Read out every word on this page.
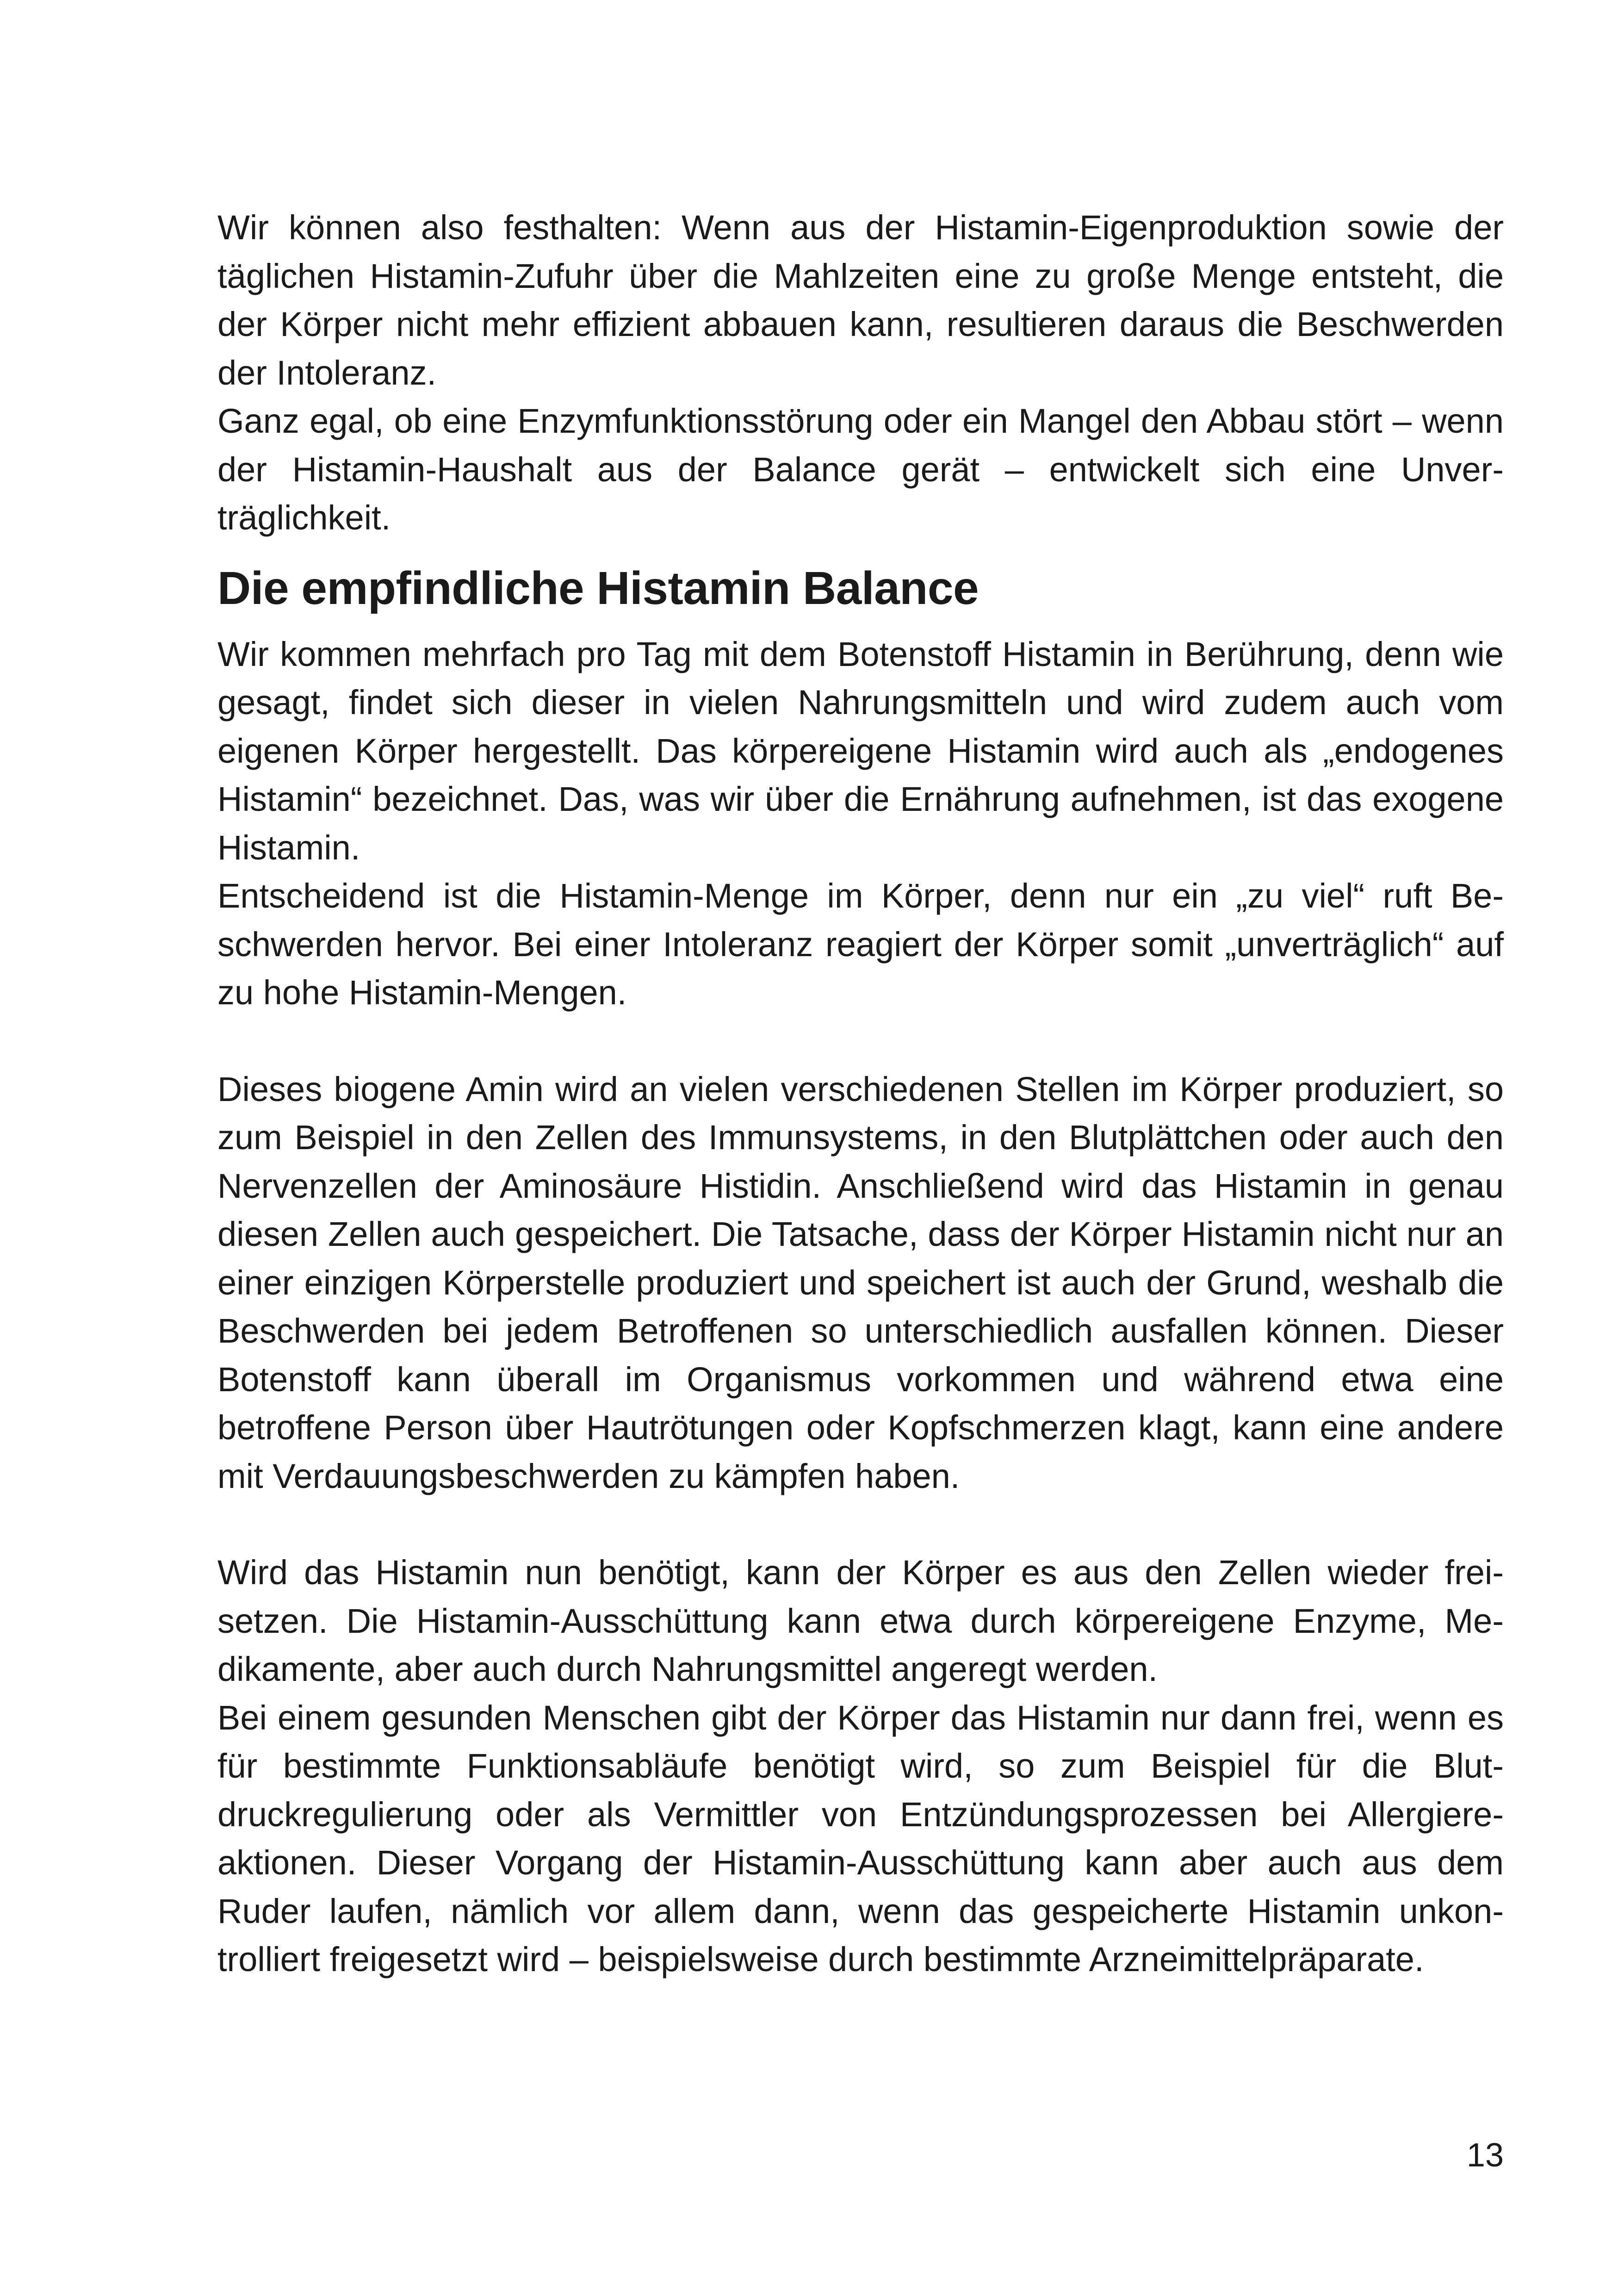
Wir können also festhalten: Wenn aus der Histamin-Eigenproduktion sowie der täglichen Histamin-Zufuhr über die Mahlzeiten eine zu große Menge entsteht, die der Körper nicht mehr effizient abbauen kann, resultieren daraus die Beschwerden der Intoleranz.

Ganz egal, ob eine Enzymfunktionsstörung oder ein Mangel den Abbau stört – wenn der Histamin-Haushalt aus der Balance gerät – entwickelt sich eine Unverträglichkeit.

Die empfindliche Histamin Balance

Wir kommen mehrfach pro Tag mit dem Botenstoff Histamin in Berührung, denn wie gesagt, findet sich dieser in vielen Nahrungsmitteln und wird zudem auch vom eigenen Körper hergestellt. Das körpereigene Histamin wird auch als „endogenes Histamin“ bezeichnet. Das, was wir über die Ernährung aufnehmen, ist das exogene Histamin.

Entscheidend ist die Histamin-Menge im Körper, denn nur ein „zu viel“ ruft Beschwerden hervor. Bei einer Intoleranz reagiert der Körper somit „unverträglich“ auf zu hohe Histamin-Mengen.

Dieses biogene Amin wird an vielen verschiedenen Stellen im Körper produziert, so zum Beispiel in den Zellen des Immunsystems, in den Blutplättchen oder auch den Nervenzellen der Aminosäure Histidin. Anschließend wird das Histamin in genau diesen Zellen auch gespeichert. Die Tatsache, dass der Körper Histamin nicht nur an einer einzigen Körperstelle produziert und speichert ist auch der Grund, weshalb die Beschwerden bei jedem Betroffenen so unterschiedlich ausfallen können. Dieser Botenstoff kann überall im Organismus vorkommen und während etwa eine betroffene Person über Hautrötungen oder Kopfschmerzen klagt, kann eine andere mit Verdauungsbeschwerden zu kämpfen haben.

Wird das Histamin nun benötigt, kann der Körper es aus den Zellen wieder freisetzen. Die Histamin-Ausschüttung kann etwa durch körpereigene Enzyme, Medikamente, aber auch durch Nahrungsmittel angeregt werden.

Bei einem gesunden Menschen gibt der Körper das Histamin nur dann frei, wenn es für bestimmte Funktionsabläufe benötigt wird, so zum Beispiel für die Blutdruckregulierung oder als Vermittler von Entzündungsprozessen bei Allergiereaktionen. Dieser Vorgang der Histamin-Ausschüttung kann aber auch aus dem Ruder laufen, nämlich vor allem dann, wenn das gespeicherte Histamin unkontrolliert freigesetzt wird – beispielsweise durch bestimmte Arzneimittelpräparate.

13
